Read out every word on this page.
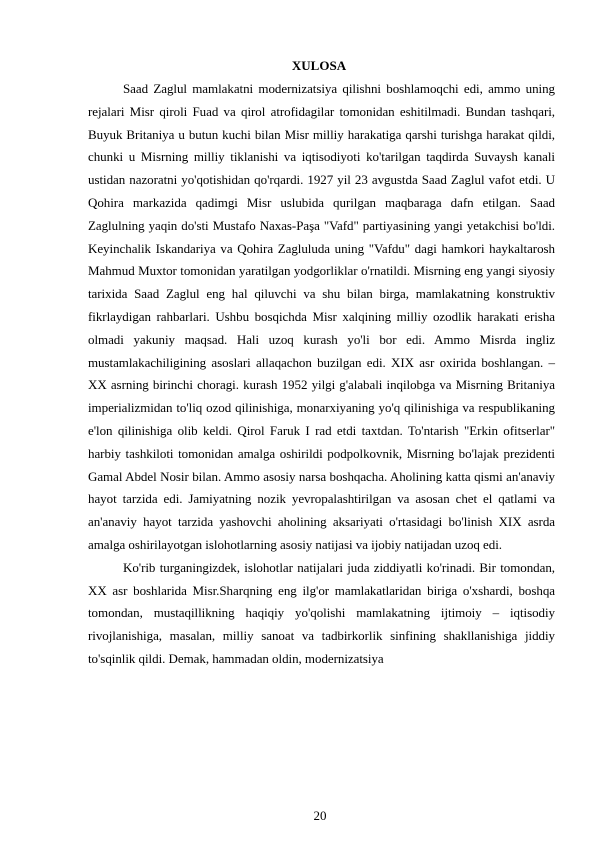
XULOSA

Saad Zaglul mamlakatni modernizatsiya qilishni boshlamoqchi edi, ammo uning rejalari Misr qiroli Fuad va qirol atrofidagilar tomonidan eshitilmadi. Bundan tashqari, Buyuk Britaniya u butun kuchi bilan Misr milliy harakatiga qarshi turishga harakat qildi, chunki u Misrning milliy tiklanishi va iqtisodiyoti ko'tarilgan taqdirda Suvaysh kanali ustidan nazoratni yo'qotishidan qo'rqardi. 1927 yil 23 avgustda Saad Zaglul vafot etdi. U Qohira markazida qadimgi Misr uslubida qurilgan maqbaraga dafn etilgan. Saad Zaglulning yaqin do'sti Mustafo Naxas-Paşa "Vafd" partiyasining yangi yetakchisi bo'ldi. Keyinchalik Iskandariya va Qohira Zagluluda uning "Vafdu" dagi hamkori haykaltarosh Mahmud Muxtor tomonidan yaratilgan yodgorliklar o'rnatildi. Misrning eng yangi siyosiy tarixida Saad Zaglul eng hal qiluvchi va shu bilan birga, mamlakatning konstruktiv fikrlaydigan rahbarlari. Ushbu bosqichda Misr xalqining milliy ozodlik harakati erisha olmadi yakuniy maqsad. Hali uzoq kurash yo'li bor edi. Ammo Misrda ingliz mustamlakachiligining asoslari allaqachon buzilgan edi. XIX asr oxirida boshlangan. – XX asrning birinchi choragi. kurash 1952 yilgi g'alabali inqilobga va Misrning Britaniya imperializmidan to'liq ozod qilinishiga, monarxiyaning yo'q qilinishiga va respublikaning e'lon qilinishiga olib keldi. Qirol Faruk I rad etdi taxtdan. To'ntarish "Erkin ofitserlar" harbiy tashkiloti tomonidan amalga oshirildi podpolkovnik, Misrning bo'lajak prezidenti Gamal Abdel Nosir bilan. Ammo asosiy narsa boshqacha. Aholining katta qismi an'anaviy hayot tarzida edi. Jamiyatning nozik yevropalashtirilgan va asosan chet el qatlami va an'anaviy hayot tarzida yashovchi aholining aksariyati o'rtasidagi bo'linish XIX asrda amalga oshirilayotgan islohotlarning asosiy natijasi va ijobiy natijadan uzoq edi.

Ko'rib turganingizdek, islohotlar natijalari juda ziddiyatli ko'rinadi. Bir tomondan, XX asr boshlarida Misr.Sharqning eng ilg'or mamlakatlaridan biriga o'xshardi, boshqa tomondan, mustaqillikning haqiqiy yo'qolishi mamlakatning ijtimoiy – iqtisodiy rivojlanishiga, masalan, milliy sanoat va tadbirkorlik sinfining shakllanishiga jiddiy to'sqinlik qildi. Demak, hammadan oldin, modernizatsiya

20
